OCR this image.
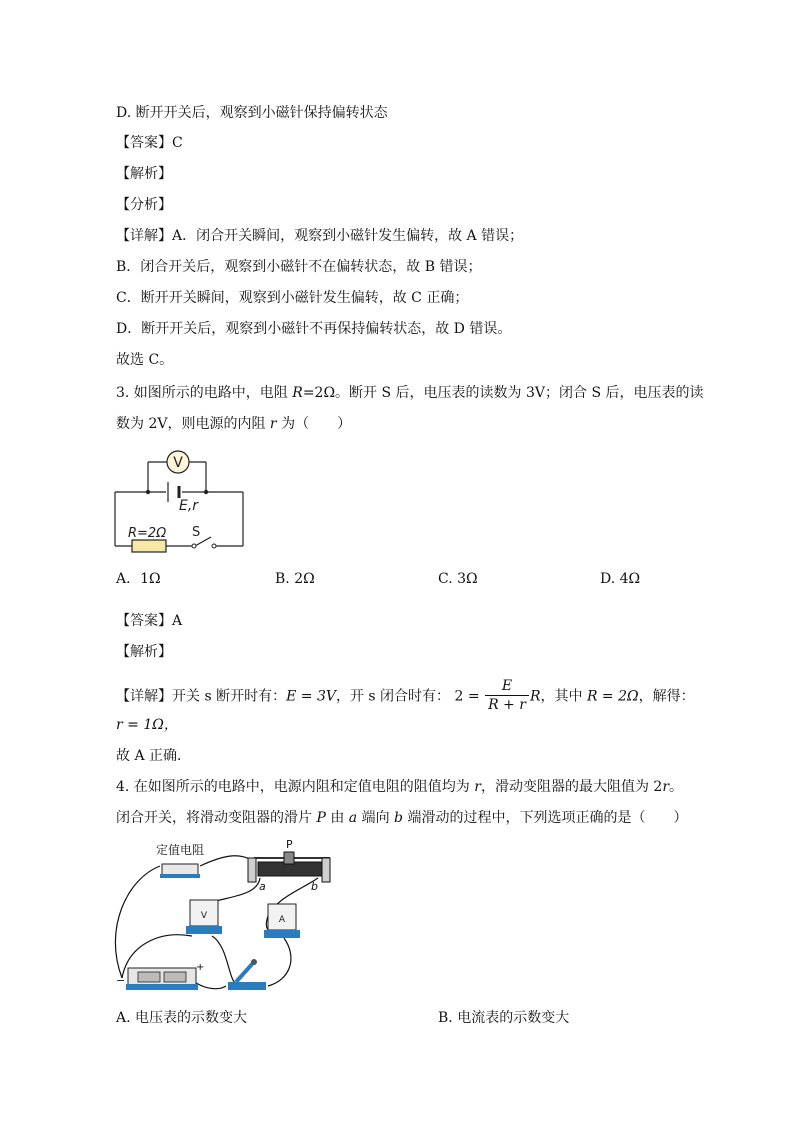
D. 断开开关后，观察到小磁针保持偏转状态
【答案】C
【解析】
【分析】
【详解】A．闭合开关瞬间，观察到小磁针发生偏转，故 A 错误；
B．闭合开关后，观察到小磁针不在偏转状态，故 B 错误；
C．断开开关瞬间，观察到小磁针发生偏转，故 C 正确；
D．断开开关后，观察到小磁针不再保持偏转状态，故 D 错误。
故选 C。
3. 如图所示的电路中，电阻 R=2Ω。断开 S 后，电压表的读数为 3V；闭合 S 后，电压表的读
数为 2V，则电源的内阻 r 为（　　）
V
E,r
R=2Ω S
A．1Ω	B. 2Ω	C. 3Ω	D. 4Ω
【答案】A
【解析】
【详解】开关 s 断开时有：E = 3V，开 s 闭合时有： $2 = \frac{E}{R + r}$ R，其中 R = 2Ω，解得：
r = 1Ω，
故 A 正确．
4. 在如图所示的电路中，电源内阻和定值电阻的阻值均为 r，滑动变阻器的最大阻值为 2r。
闭合开关，将滑动变阻器的滑片 P 由 a 端向 b 端滑动的过程中，下列选项正确的是（　　）
定值电阻	P
a	b
V	A
−
+
A. 电压表的示数变大	B. 电流表的示数变大
